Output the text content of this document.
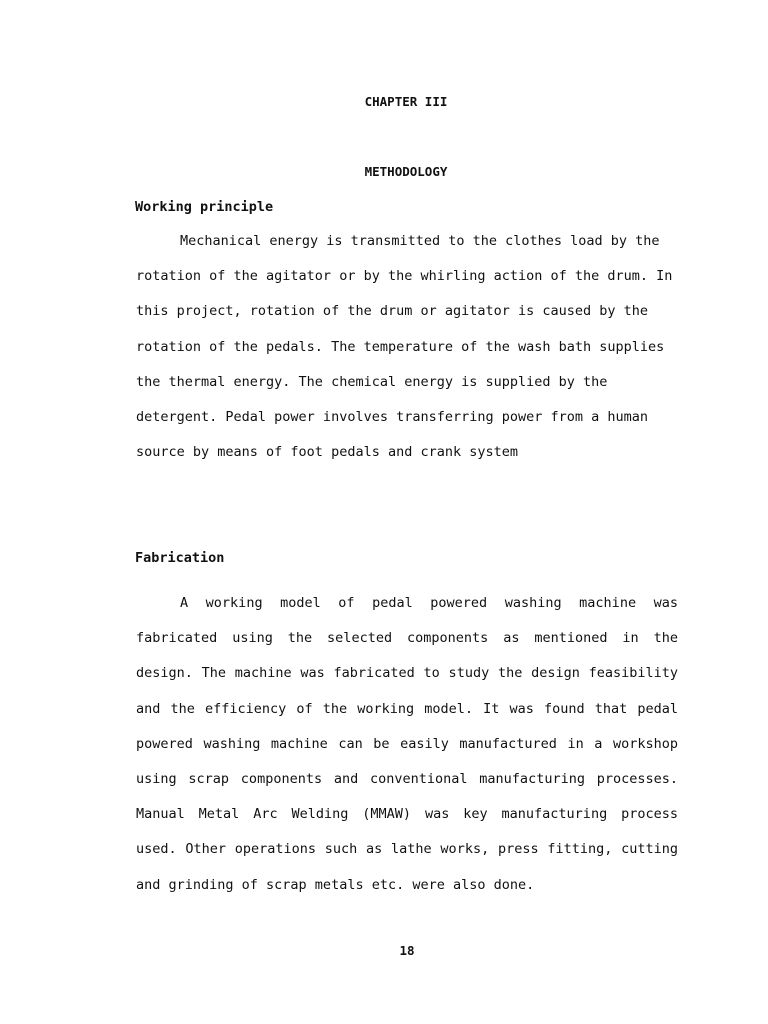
CHAPTER III
METHODOLOGY
Working principle

Mechanical energy is transmitted to the clothes load by the rotation of the agitator or by the whirling action of the drum. In this project, rotation of the drum or agitator is caused by the rotation of the pedals. The temperature of the wash bath supplies the thermal energy. The chemical energy is supplied by the detergent. Pedal power involves transferring power from a human source by means of foot pedals and crank system

Fabrication

A working model of pedal powered washing machine was fabricated using the selected components as mentioned in the design. The machine was fabricated to study the design feasibility and the efficiency of the working model. It was found that pedal powered washing machine can be easily manufactured in a workshop using scrap components and conventional manufacturing processes. Manual Metal Arc Welding (MMAW) was key manufacturing process used. Other operations such as lathe works, press fitting, cutting and grinding of scrap metals etc. were also done.

18
